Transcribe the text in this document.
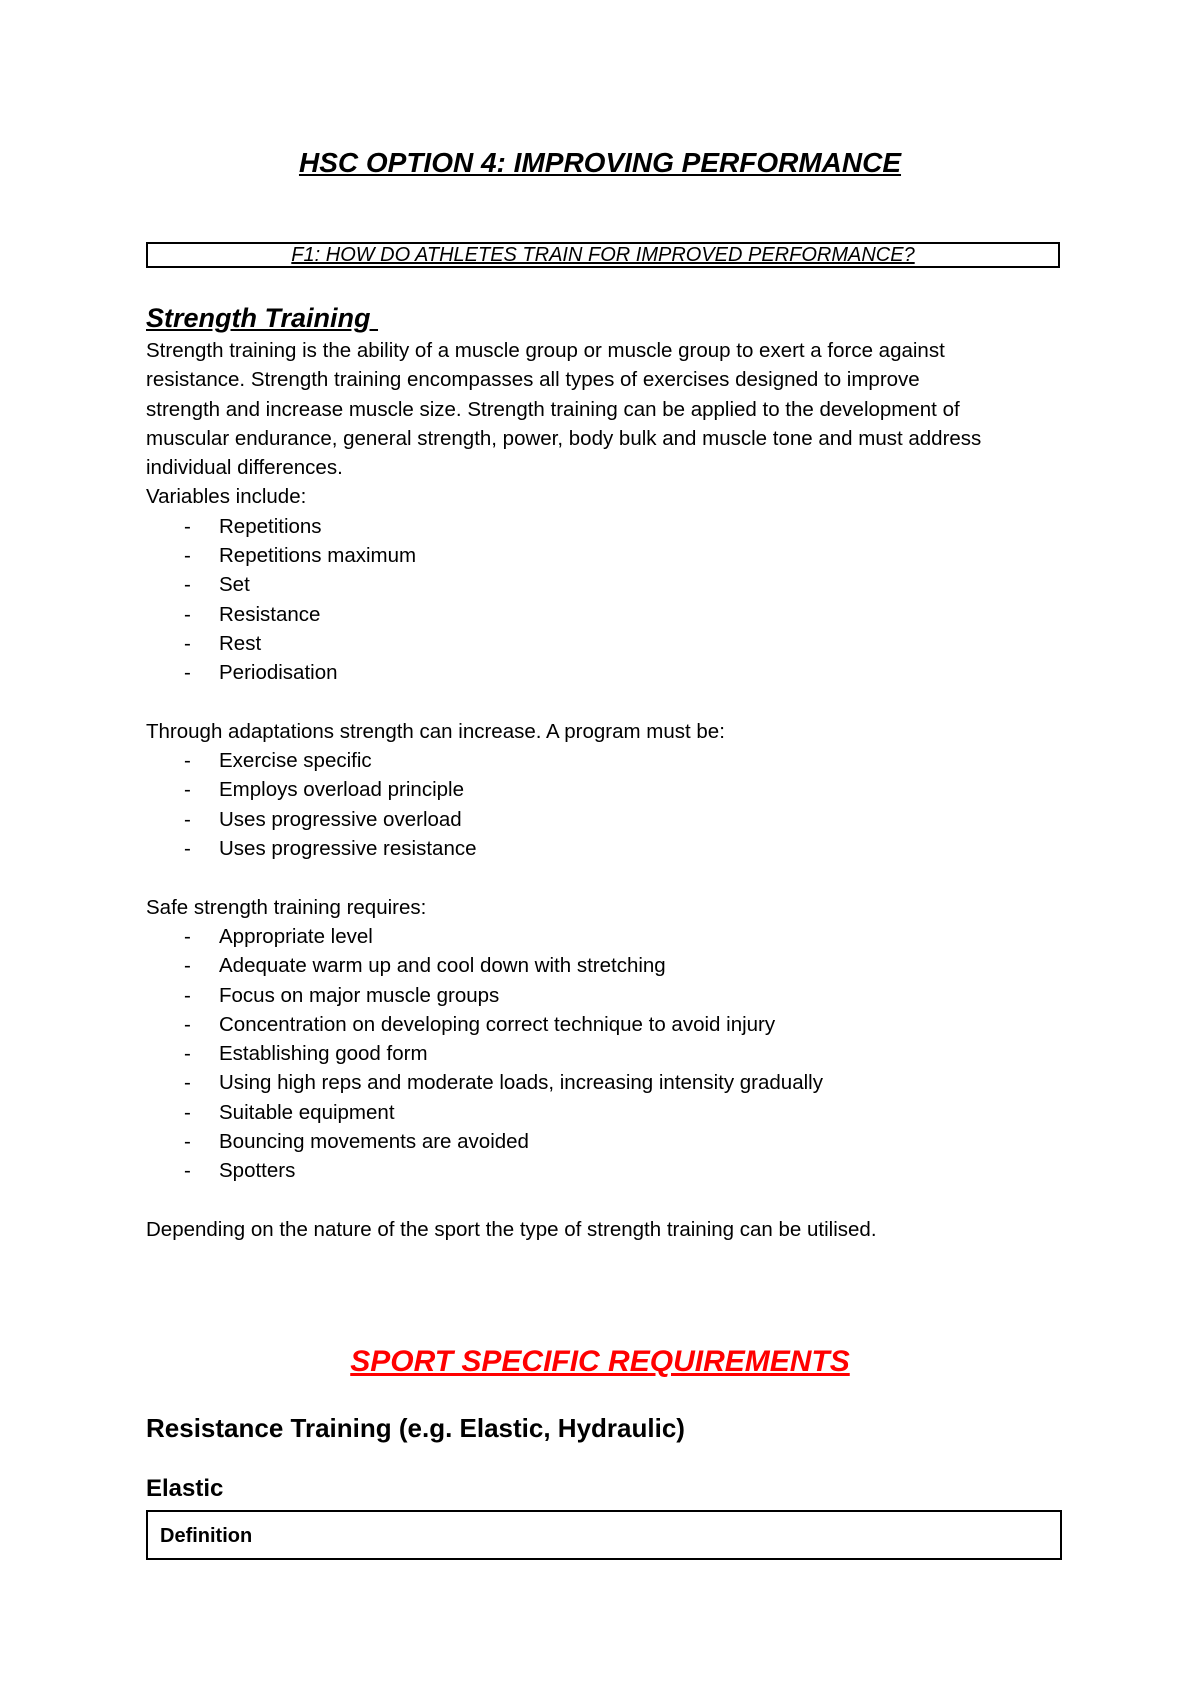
HSC OPTION 4: IMPROVING PERFORMANCE
F1: HOW DO ATHLETES TRAIN FOR IMPROVED PERFORMANCE?
Strength Training

Strength training is the ability of a muscle group or muscle group to exert a force against

resistance. Strength training encompasses all types of exercises designed to improve

strength and increase muscle size. Strength training can be applied to the development of

muscular endurance, general strength, power, body bulk and muscle tone and must address

individual differences.

Variables include:

- Repetitions
- Repetitions maximum
- Set
- Resistance
- Rest
- Periodisation

Through adaptations strength can increase. A program must be:

- Exercise specific
- Employs overload principle
- Uses progressive overload
- Uses progressive resistance

Safe strength training requires:

- Appropriate level
- Adequate warm up and cool down with stretching
- Focus on major muscle groups
- Concentration on developing correct technique to avoid injury
- Establishing good form
- Using high reps and moderate loads, increasing intensity gradually
- Suitable equipment
- Bouncing movements are avoided
- Spotters

Depending on the nature of the sport the type of strength training can be utilised.

SPORT SPECIFIC REQUIREMENTS
Resistance Training (e.g. Elastic, Hydraulic)
Elastic
Definition
